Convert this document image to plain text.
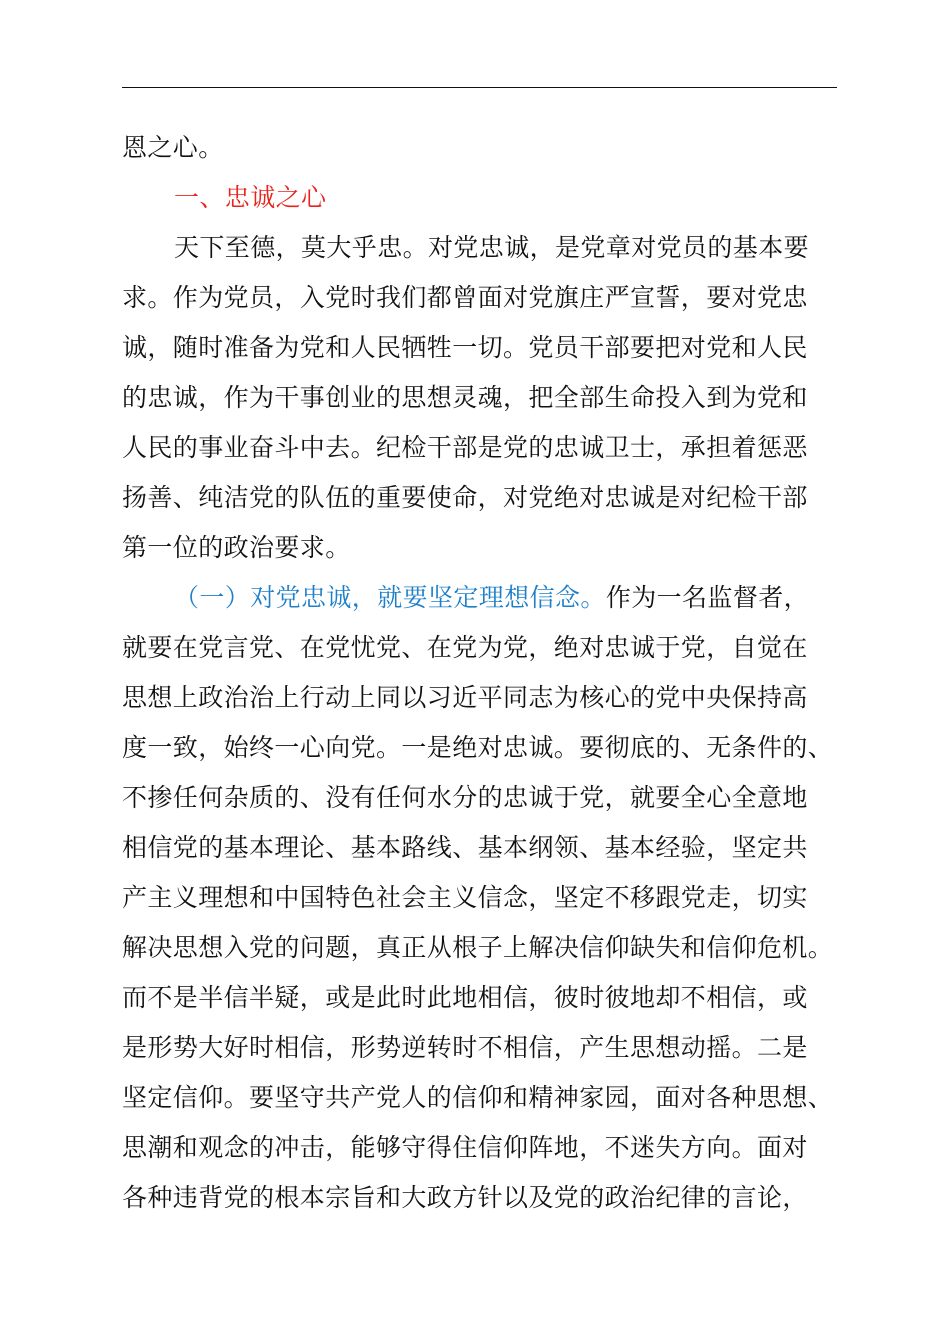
恩之心。
一、忠诚之心
天下至德，莫大乎忠。对党忠诚，是党章对党员的基本要
求。作为党员，入党时我们都曾面对党旗庄严宣誓，要对党忠
诚，随时准备为党和人民牺牲一切。党员干部要把对党和人民
的忠诚，作为干事创业的思想灵魂，把全部生命投入到为党和
人民的事业奋斗中去。纪检干部是党的忠诚卫士，承担着惩恶
扬善、纯洁党的队伍的重要使命，对党绝对忠诚是对纪检干部
第一位的政治要求。
（一）对党忠诚，就要坚定理想信念。作为一名监督者，
就要在党言党、在党忧党、在党为党，绝对忠诚于党，自觉在
思想上政治治上行动上同以习近平同志为核心的党中央保持高
度一致，始终一心向党。一是绝对忠诚。要彻底的、无条件的、
不掺任何杂质的、没有任何水分的忠诚于党，就要全心全意地
相信党的基本理论、基本路线、基本纲领、基本经验，坚定共
产主义理想和中国特色社会主义信念，坚定不移跟党走，切实
解决思想入党的问题，真正从根子上解决信仰缺失和信仰危机。
而不是半信半疑，或是此时此地相信，彼时彼地却不相信，或
是形势大好时相信，形势逆转时不相信，产生思想动摇。二是
坚定信仰。要坚守共产党人的信仰和精神家园，面对各种思想、
思潮和观念的冲击，能够守得住信仰阵地，不迷失方向。面对
各种违背党的根本宗旨和大政方针以及党的政治纪律的言论，
